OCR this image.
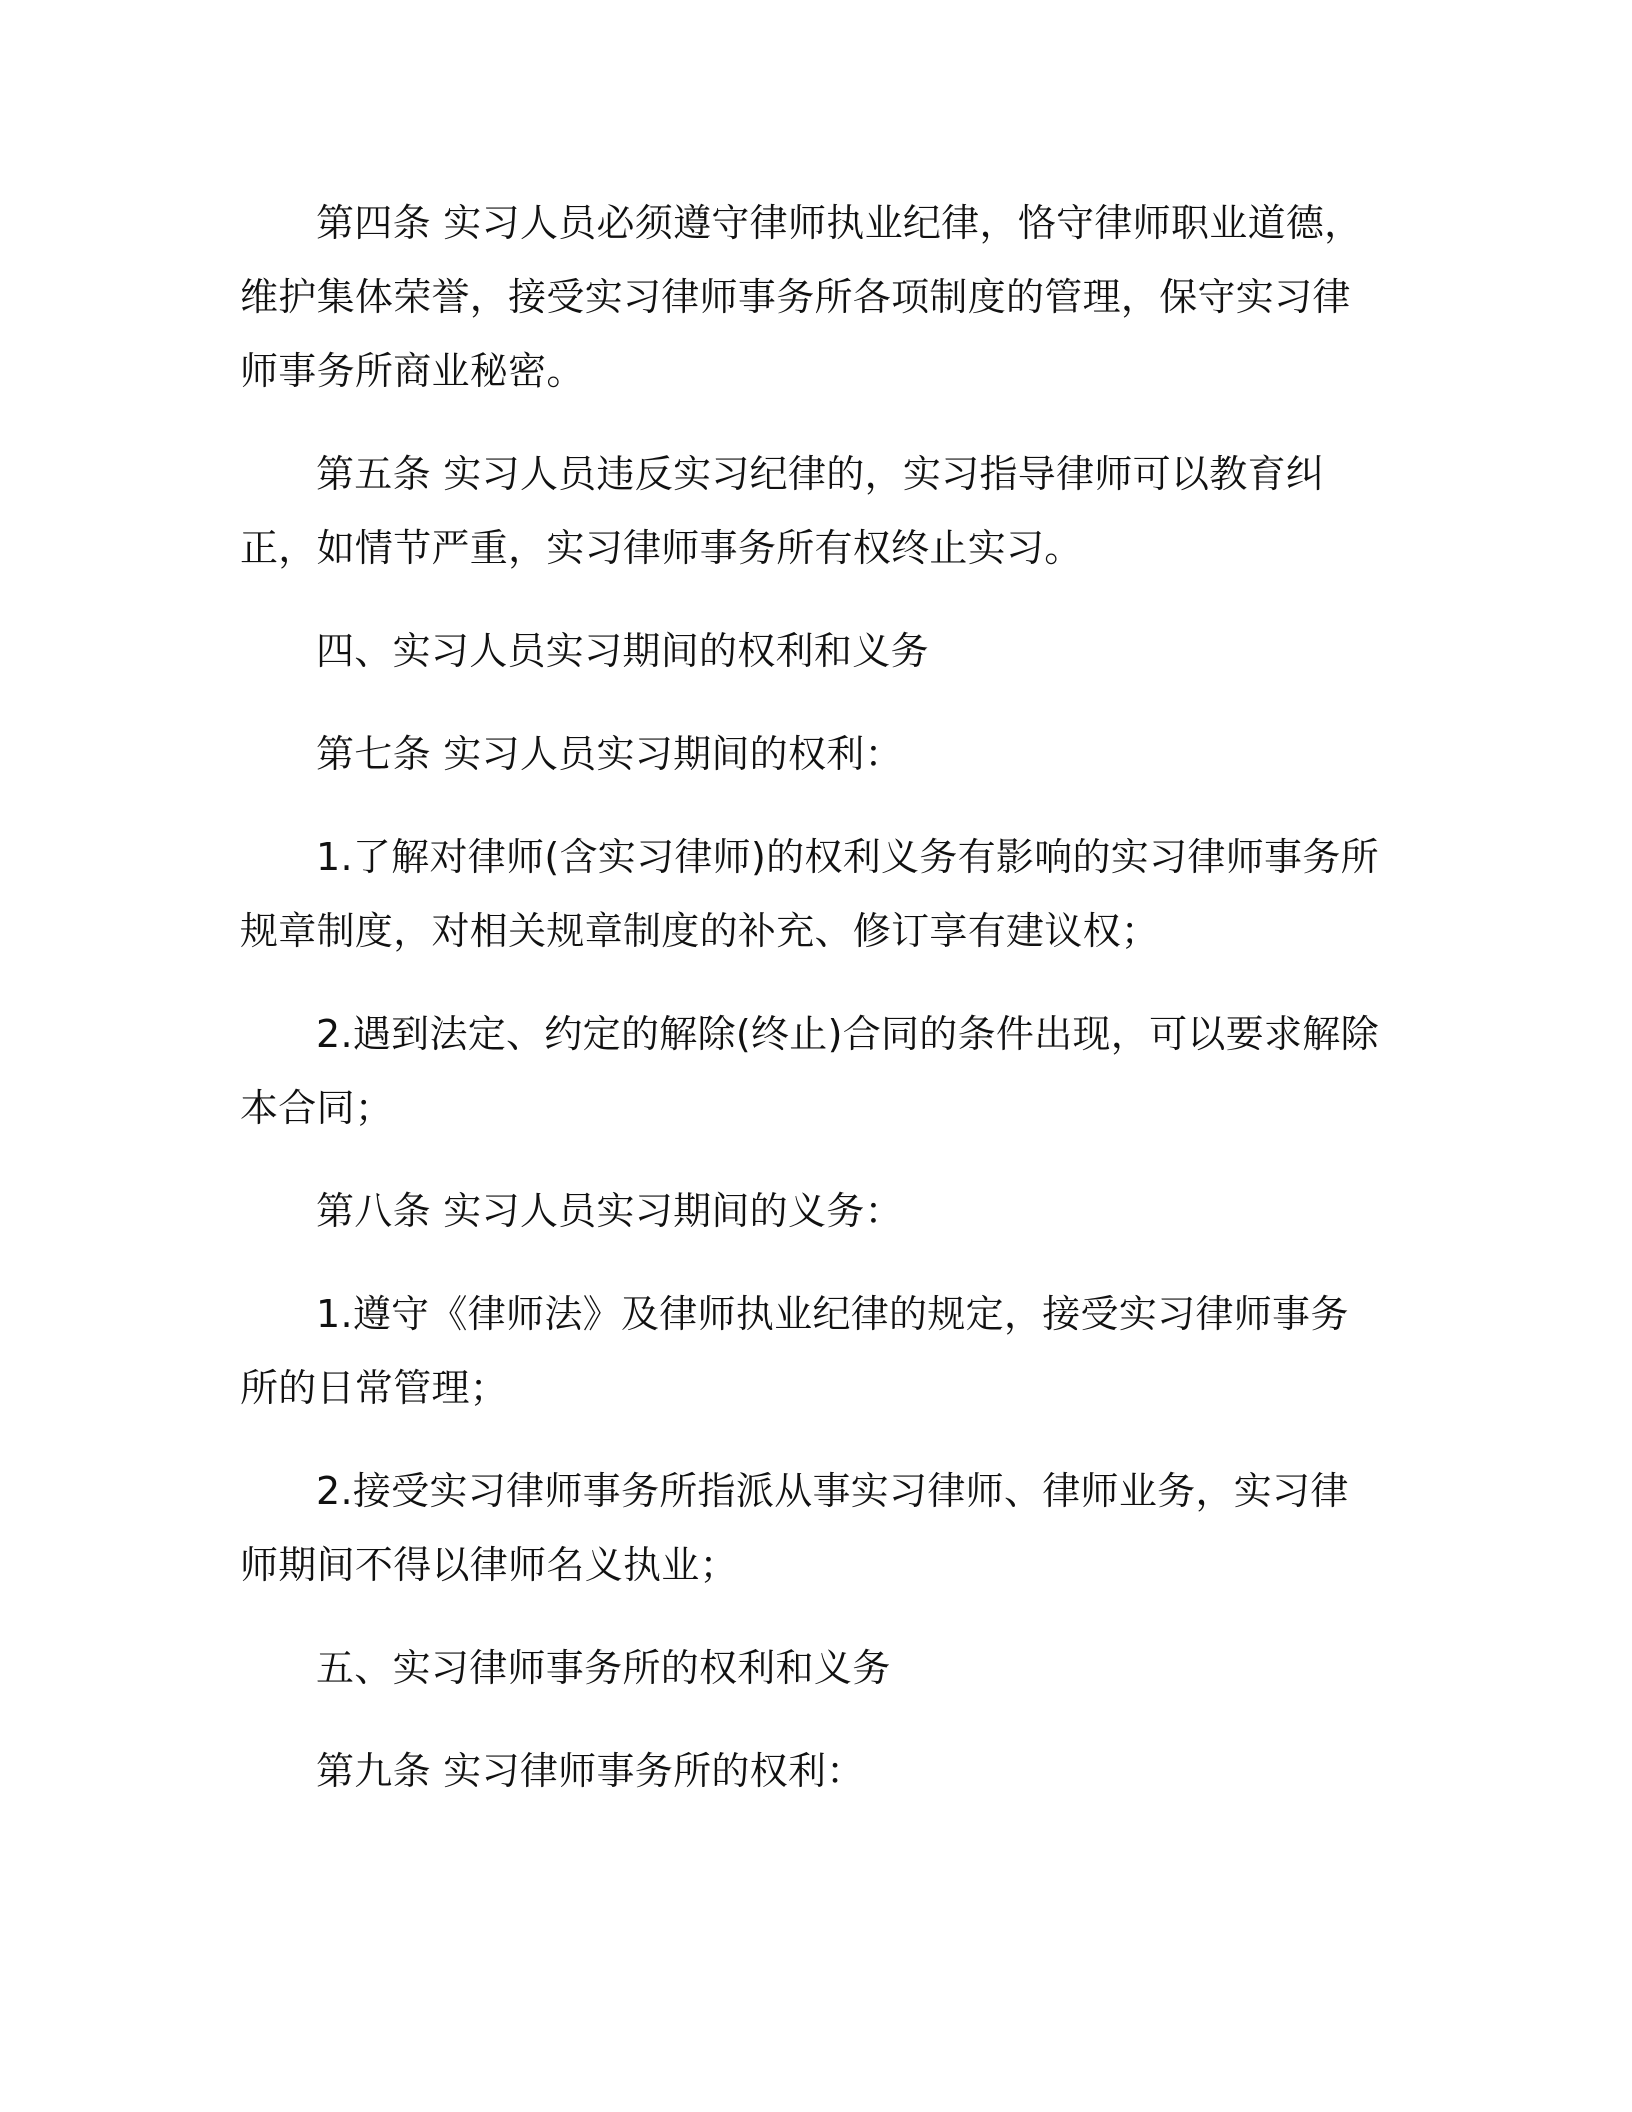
第四条 实习人员必须遵守律师执业纪律，恪守律师职业道德，维护集体荣誉，接受实习律师事务所各项制度的管理，保守实习律师事务所商业秘密。

第五条 实习人员违反实习纪律的，实习指导律师可以教育纠正，如情节严重，实习律师事务所有权终止实习。

四、实习人员实习期间的权利和义务

第七条 实习人员实习期间的权利：

1.了解对律师(含实习律师)的权利义务有影响的实习律师事务所规章制度，对相关规章制度的补充、修订享有建议权；

2.遇到法定、约定的解除(终止)合同的条件出现，可以要求解除本合同；

第八条 实习人员实习期间的义务：

1.遵守《律师法》及律师执业纪律的规定，接受实习律师事务所的日常管理；

2.接受实习律师事务所指派从事实习律师、律师业务，实习律师期间不得以律师名义执业；

五、实习律师事务所的权利和义务

第九条 实习律师事务所的权利：
